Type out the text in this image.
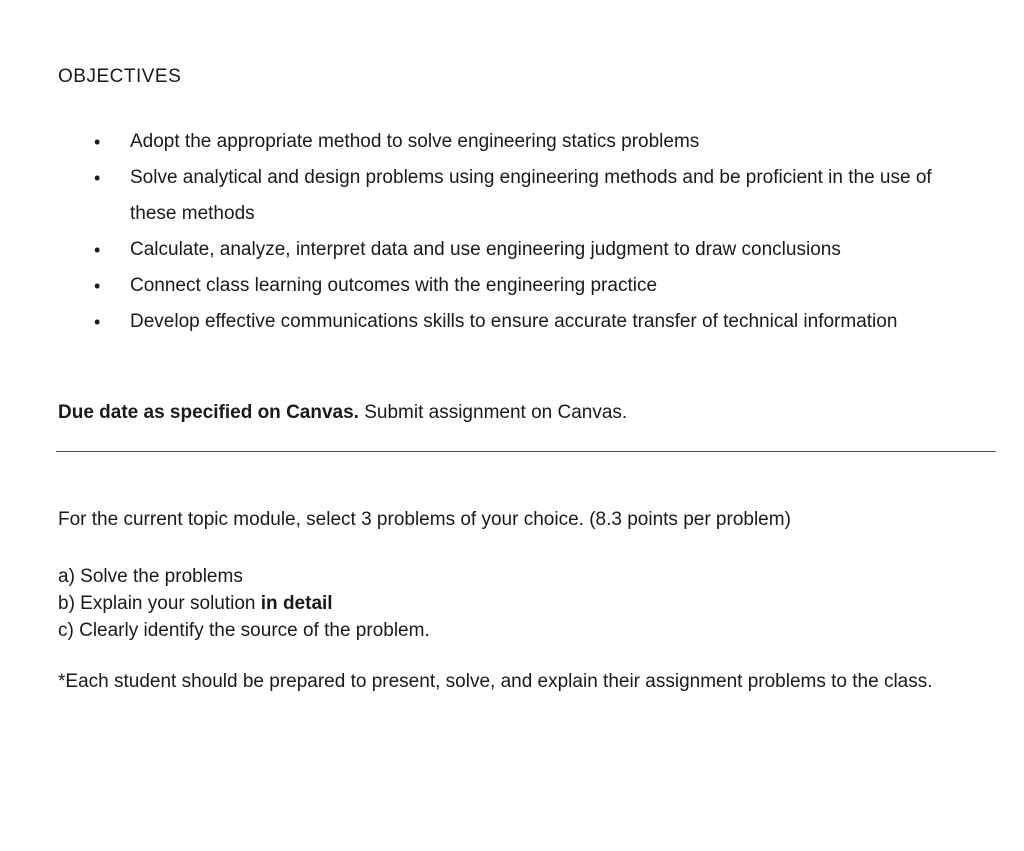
OBJECTIVES
• Adopt the appropriate method to solve engineering statics problems
• Solve analytical and design problems using engineering methods and be proficient in the use of these methods
• Calculate, analyze, interpret data and use engineering judgment to draw conclusions
• Connect class learning outcomes with the engineering practice
• Develop effective communications skills to ensure accurate transfer of technical information

Due date as specified on Canvas. Submit assignment on Canvas.

For the current topic module, select 3 problems of your choice. (8.3 points per problem)

a) Solve the problems
b) Explain your solution in detail
c) Clearly identify the source of the problem.

*Each student should be prepared to present, solve, and explain their assignment problems to the class.
